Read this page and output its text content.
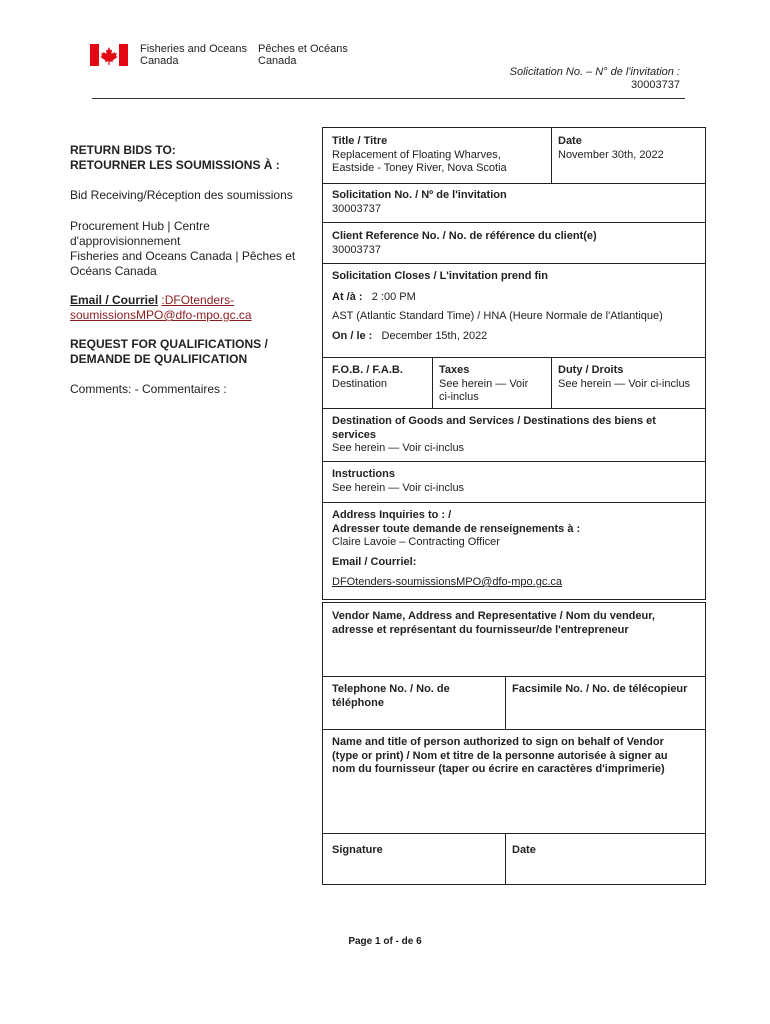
Fisheries and Oceans
Canada
Pêches et Océans
Canada
Solicitation No. – N° de l'invitation :
30003737
RETURN BIDS TO:
RETOURNER LES SOUMISSIONS À :
Bid Receiving/Réception des soumissions
Procurement Hub | Centre
d'approvisionnement
Fisheries and Oceans Canada | Pêches et
Océans Canada
Email / Courriel :DFOtenders-
soumissionsMPO@dfo-mpo.gc.ca
REQUEST FOR QUALIFICATIONS /
DEMANDE DE QUALIFICATION
Comments: - Commentaires :
Title / Titre
Replacement of Floating Wharves,
Eastside - Toney River, Nova Scotia
Date
November 30th, 2022
Solicitation No. / Nº de l'invitation
30003737
Client Reference No. / No. de référence du client(e)
30003737
Solicitation Closes / L'invitation prend fin
At /à : 2 :00 PM
AST (Atlantic Standard Time) / HNA (Heure Normale de l'Atlantique)
On / le : December 15th, 2022
F.O.B. / F.A.B.
Destination
Taxes
See herein — Voir
ci-inclus
Duty / Droits
See herein — Voir ci-inclus
Destination of Goods and Services / Destinations des biens et
services
See herein — Voir ci-inclus
Instructions
See herein — Voir ci-inclus
Address Inquiries to : /
Adresser toute demande de renseignements à :
Claire Lavoie – Contracting Officer
Email / Courriel:
DFOtenders-soumissionsMPO@dfo-mpo.gc.ca
Vendor Name, Address and Representative / Nom du vendeur,
adresse et représentant du fournisseur/de l'entrepreneur
Telephone No. / No. de
téléphone
Facsimile No. / No. de télécopieur
Name and title of person authorized to sign on behalf of Vendor
(type or print) / Nom et titre de la personne autorisée à signer au
nom du fournisseur (taper ou écrire en caractères d'imprimerie)
Signature	Date
Page 1 of - de 6
